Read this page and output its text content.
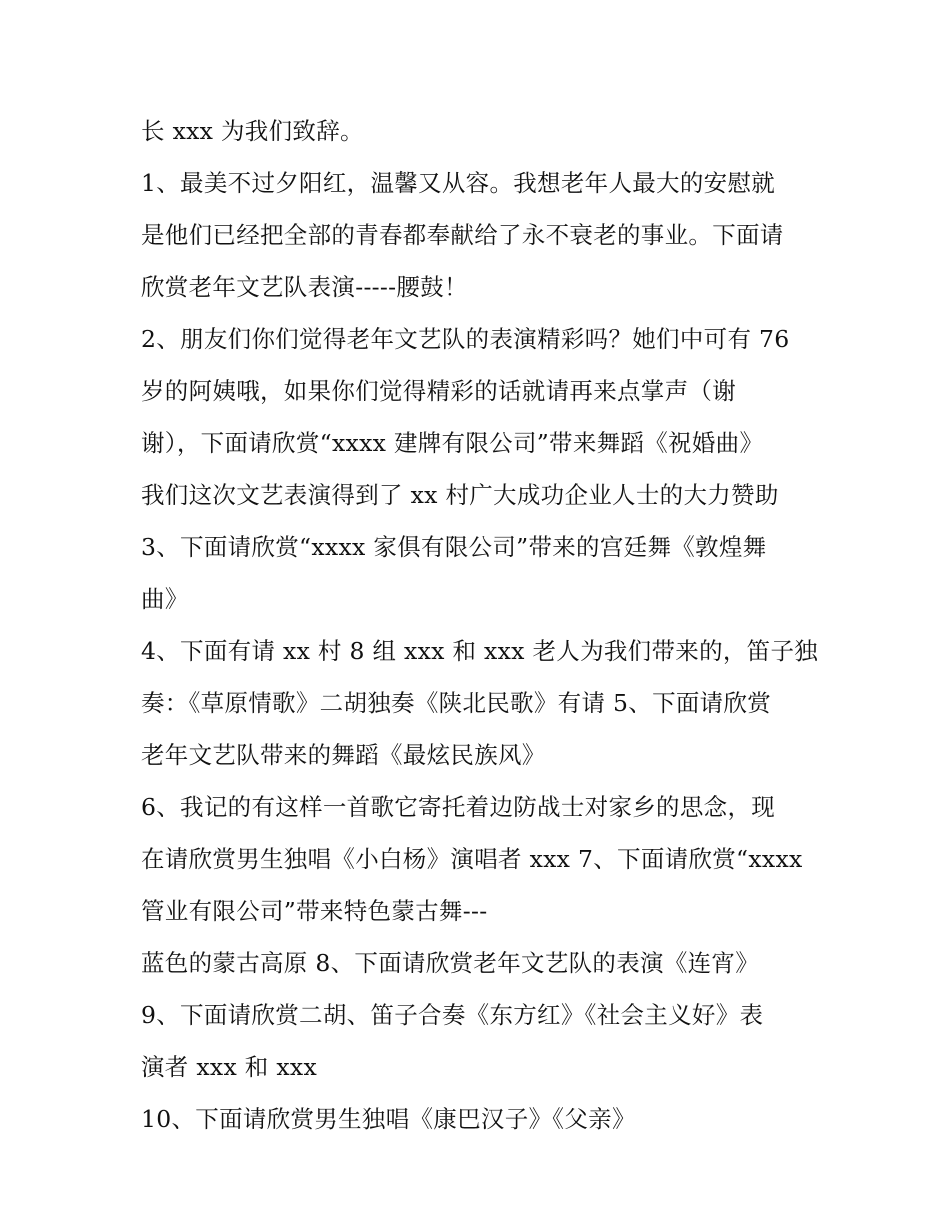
长 xxx 为我们致辞。
1、最美不过夕阳红，温馨又从容。我想老年人最大的安慰就
是他们已经把全部的青春都奉献给了永不衰老的事业。下面请
欣赏老年文艺队表演-----腰鼓！
2、朋友们你们觉得老年文艺队的表演精彩吗？她们中可有 76
岁的阿姨哦，如果你们觉得精彩的话就请再来点掌声（谢
谢），下面请欣赏“xxxx 建牌有限公司”带来舞蹈《祝婚曲》
我们这次文艺表演得到了 xx 村广大成功企业人士的大力赞助
3、下面请欣赏“xxxx 家俱有限公司”带来的宫廷舞《敦煌舞
曲》
4、下面有请 xx 村 8 组 xxx 和 xxx 老人为我们带来的，笛子独
奏：《草原情歌》二胡独奏《陕北民歌》有请 5、下面请欣赏
老年文艺队带来的舞蹈《最炫民族风》
6、我记的有这样一首歌它寄托着边防战士对家乡的思念，现
在请欣赏男生独唱《小白杨》演唱者 xxx 7、下面请欣赏“xxxx
管业有限公司”带来特色蒙古舞---
蓝色的蒙古高原 8、下面请欣赏老年文艺队的表演《连宵》
9、下面请欣赏二胡、笛子合奏《东方红》《社会主义好》表
演者 xxx 和 xxx
10、下面请欣赏男生独唱《康巴汉子》《父亲》
